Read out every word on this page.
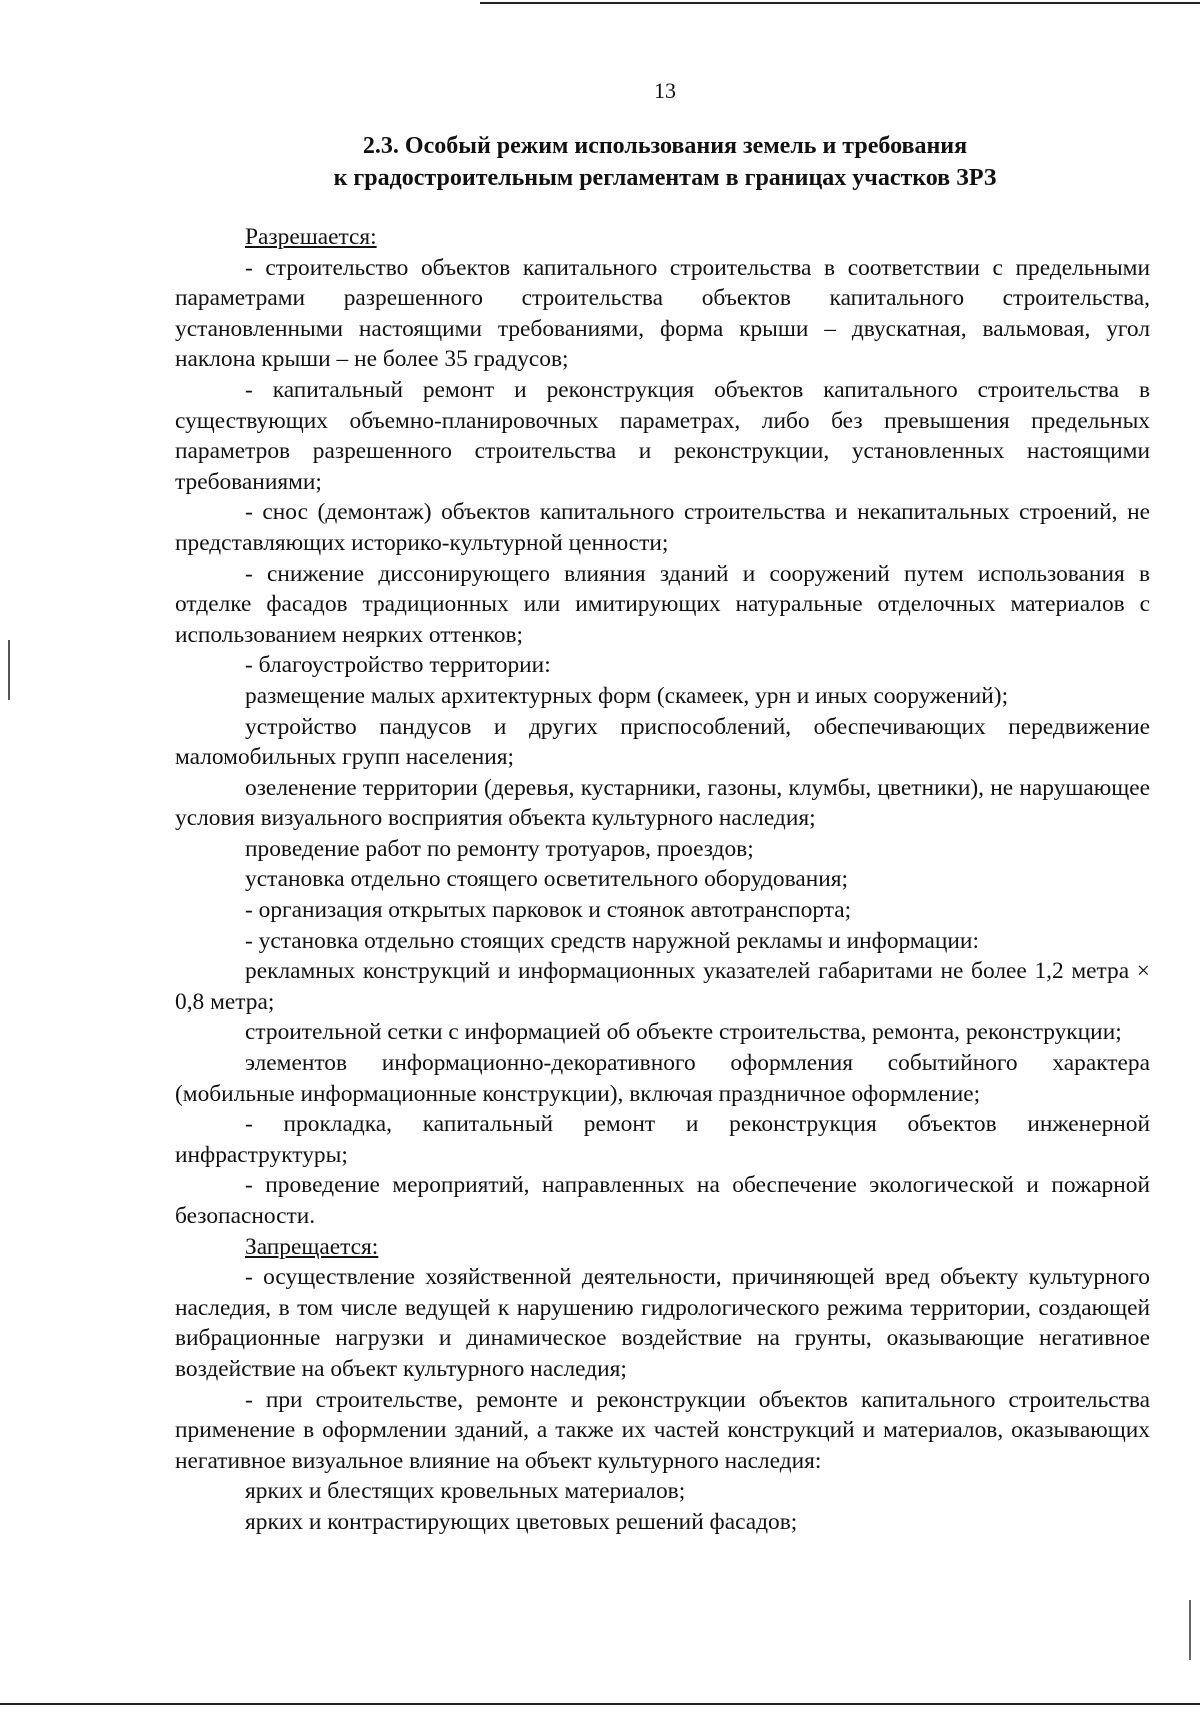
13
2.3. Особый режим использования земель и требования
к градостроительным регламентам в границах участков ЗРЗ

Разрешается:

- строительство объектов капитального строительства в соответствии с предельными параметрами разрешенного строительства объектов капитального строительства, установленными настоящими требованиями, форма крыши – двускатная, вальмовая, угол наклона крыши – не более 35 градусов;

- капитальный ремонт и реконструкция объектов капитального строительства в существующих объемно-планировочных параметрах, либо без превышения предельных параметров разрешенного строительства и реконструкции, установленных настоящими требованиями;

- снос (демонтаж) объектов капитального строительства и некапитальных строений, не представляющих историко-культурной ценности;

- снижение диссонирующего влияния зданий и сооружений путем использования в отделке фасадов традиционных или имитирующих натуральные отделочных материалов с использованием неярких оттенков;

- благоустройство территории:

размещение малых архитектурных форм (скамеек, урн и иных сооружений);

устройство пандусов и других приспособлений, обеспечивающих передвижение маломобильных групп населения;

озеленение территории (деревья, кустарники, газоны, клумбы, цветники), не нарушающее условия визуального восприятия объекта культурного наследия;

проведение работ по ремонту тротуаров, проездов;

установка отдельно стоящего осветительного оборудования;

- организация открытых парковок и стоянок автотранспорта;

- установка отдельно стоящих средств наружной рекламы и информации:

рекламных конструкций и информационных указателей габаритами не более 1,2 метра × 0,8 метра;

строительной сетки с информацией об объекте строительства, ремонта, реконструкции;

элементов информационно-декоративного оформления событийного характера (мобильные информационные конструкции), включая праздничное оформление;

- прокладка, капитальный ремонт и реконструкция объектов инженерной инфраструктуры;

- проведение мероприятий, направленных на обеспечение экологической и пожарной безопасности.

Запрещается:

- осуществление хозяйственной деятельности, причиняющей вред объекту культурного наследия, в том числе ведущей к нарушению гидрологического режима территории, создающей вибрационные нагрузки и динамическое воздействие на грунты, оказывающие негативное воздействие на объект культурного наследия;

- при строительстве, ремонте и реконструкции объектов капитального строительства применение в оформлении зданий, а также их частей конструкций и материалов, оказывающих негативное визуальное влияние на объект культурного наследия:

ярких и блестящих кровельных материалов;

ярких и контрастирующих цветовых решений фасадов;
